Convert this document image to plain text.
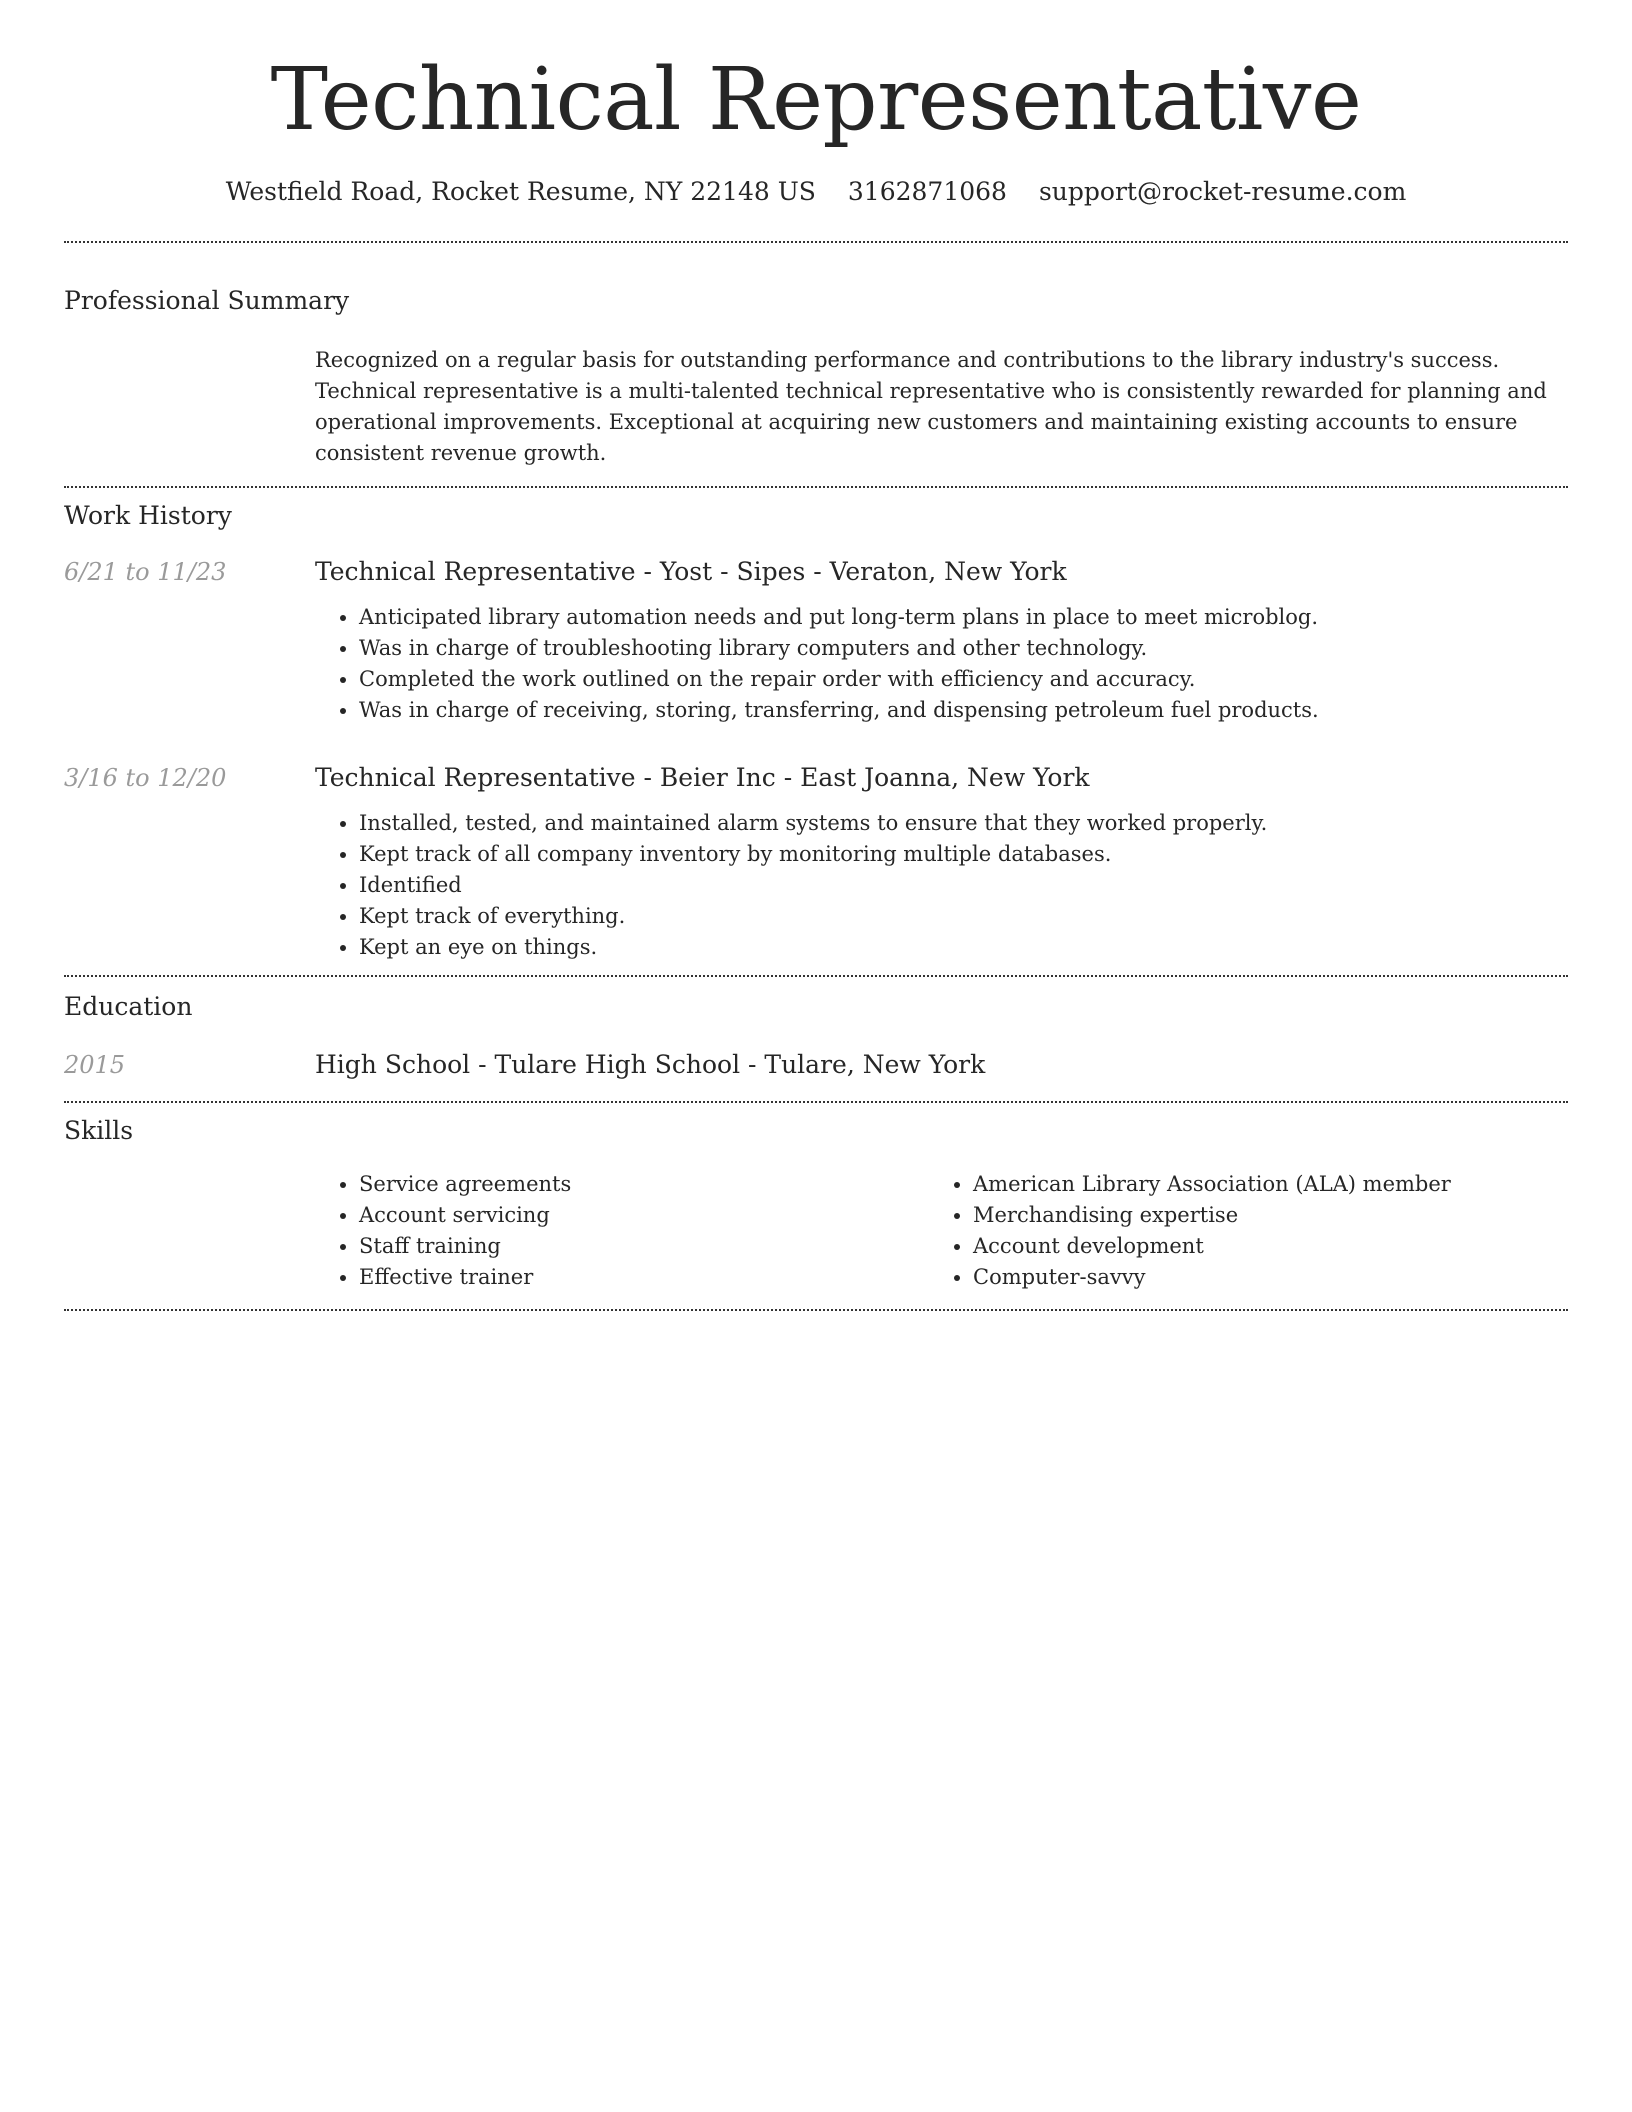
Technical Representative
Westfield Road, Rocket Resume, NY 22148 US 3162871068 support@rocket-resume.com
Professional Summary

Recognized on a regular basis for outstanding performance and contributions to the library industry's success. Technical representative is a multi-talented technical representative who is consistently rewarded for planning and operational improvements. Exceptional at acquiring new customers and maintaining existing accounts to ensure consistent revenue growth.

Work History
6/21 to 11/23	Technical Representative - Yost - Sipes - Veraton, New York
• Anticipated library automation needs and put long-term plans in place to meet microblog.
• Was in charge of troubleshooting library computers and other technology.
• Completed the work outlined on the repair order with efficiency and accuracy.
• Was in charge of receiving, storing, transferring, and dispensing petroleum fuel products.
3/16 to 12/20	Technical Representative - Beier Inc - East Joanna, New York
• Installed, tested, and maintained alarm systems to ensure that they worked properly.
• Kept track of all company inventory by monitoring multiple databases.
• Identified
• Kept track of everything.
• Kept an eye on things.
Education
2015	High School - Tulare High School - Tulare, New York
Skills
• Service agreements
• Account servicing
• Staff training
• Effective trainer
• American Library Association (ALA) member
• Merchandising expertise
• Account development
• Computer-savvy
